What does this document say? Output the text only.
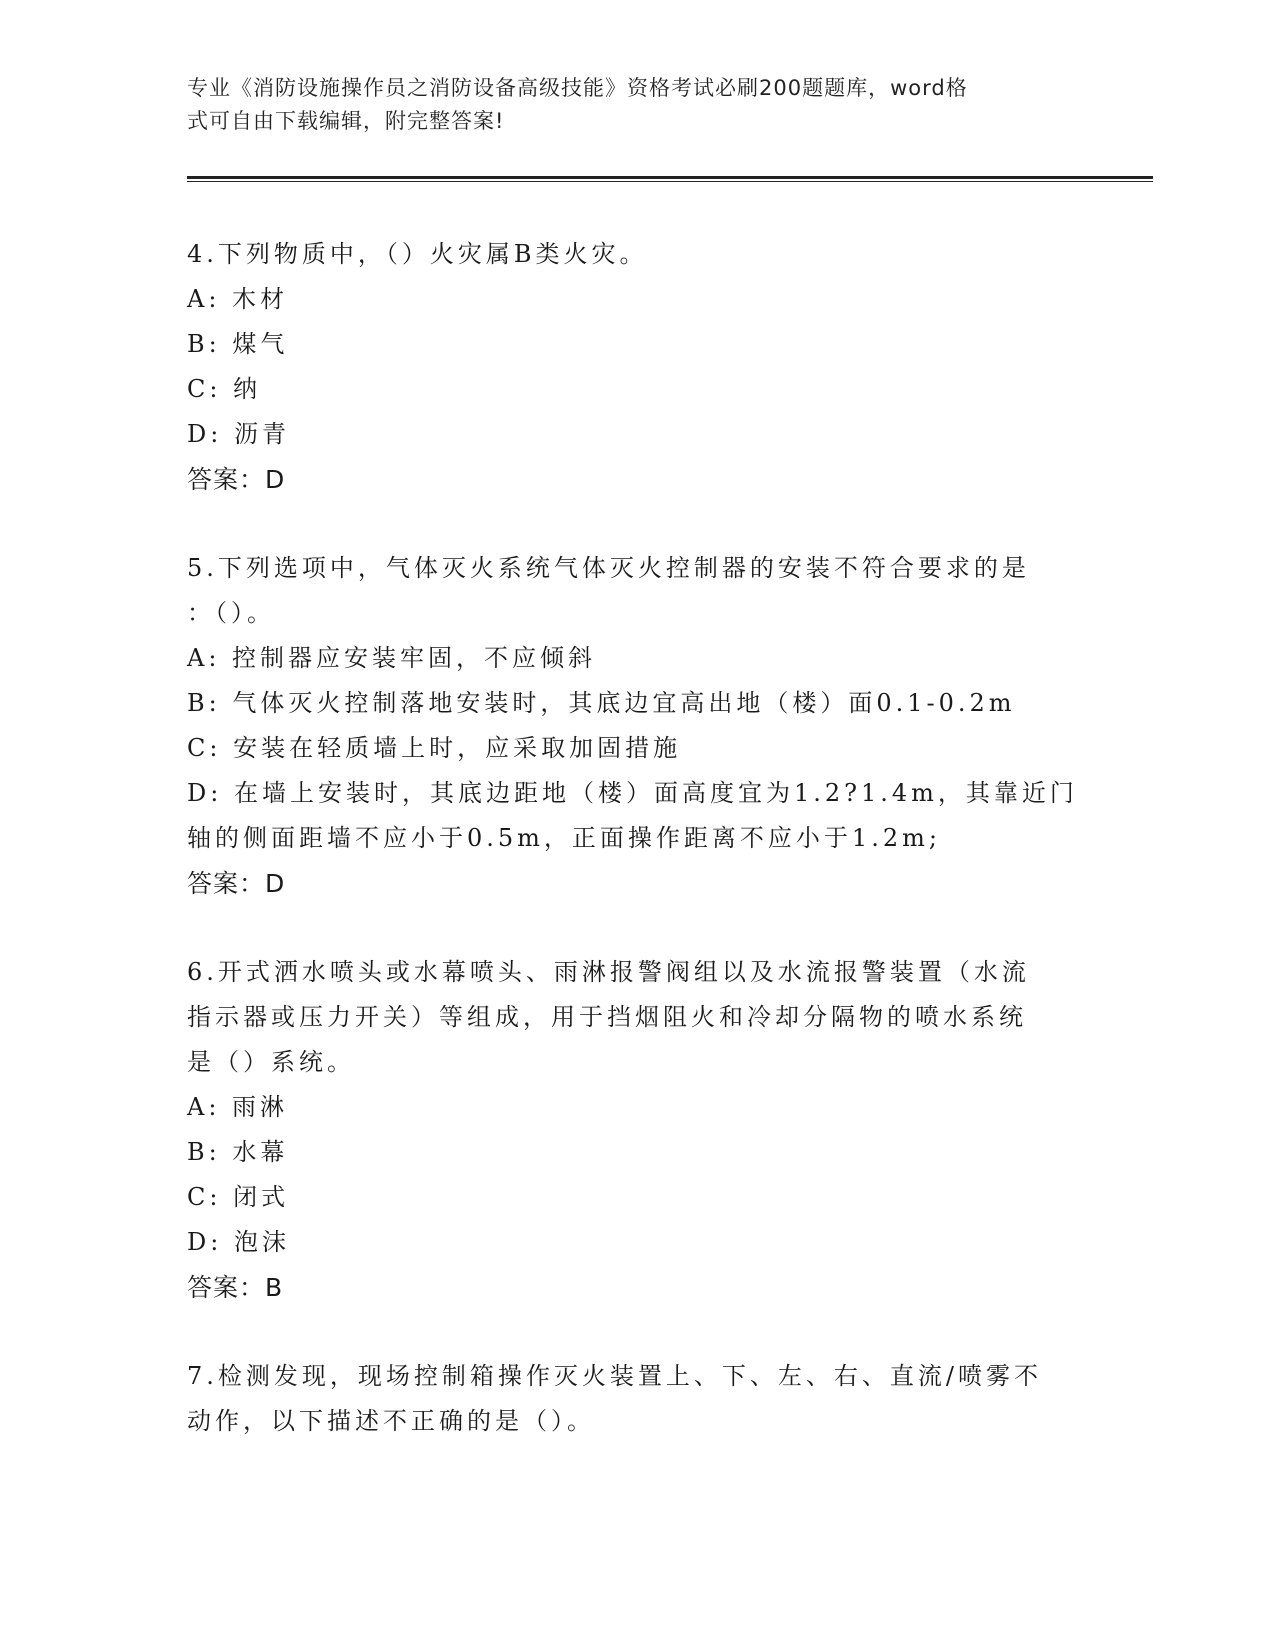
专业《消防设施操作员之消防设备高级技能》资格考试必刷200题题库，word格
式可自由下载编辑，附完整答案!
4.下列物质中，（）火灾属B类火灾。
A: 木材
B: 煤气
C: 纳
D: 沥青
答案：D
5.下列选项中，气体灭火系统气体灭火控制器的安装不符合要求的是
：（）。
A: 控制器应安装牢固，不应倾斜
B: 气体灭火控制落地安装时，其底边宜高出地（楼）面0.1-0.2m
C: 安装在轻质墙上时，应采取加固措施
D: 在墙上安装时，其底边距地（楼）面高度宜为1.2?1.4m，其靠近门
轴的侧面距墙不应小于0.5m，正面操作距离不应小于1.2m;
答案：D
6.开式洒水喷头或水幕喷头、雨淋报警阀组以及水流报警装置（水流
指示器或压力开关）等组成，用于挡烟阻火和冷却分隔物的喷水系统
是（）系统。
A: 雨淋
B: 水幕
C: 闭式
D: 泡沫
答案：B
7.检测发现，现场控制箱操作灭火装置上、下、左、右、直流/喷雾不
动作，以下描述不正确的是（）。
